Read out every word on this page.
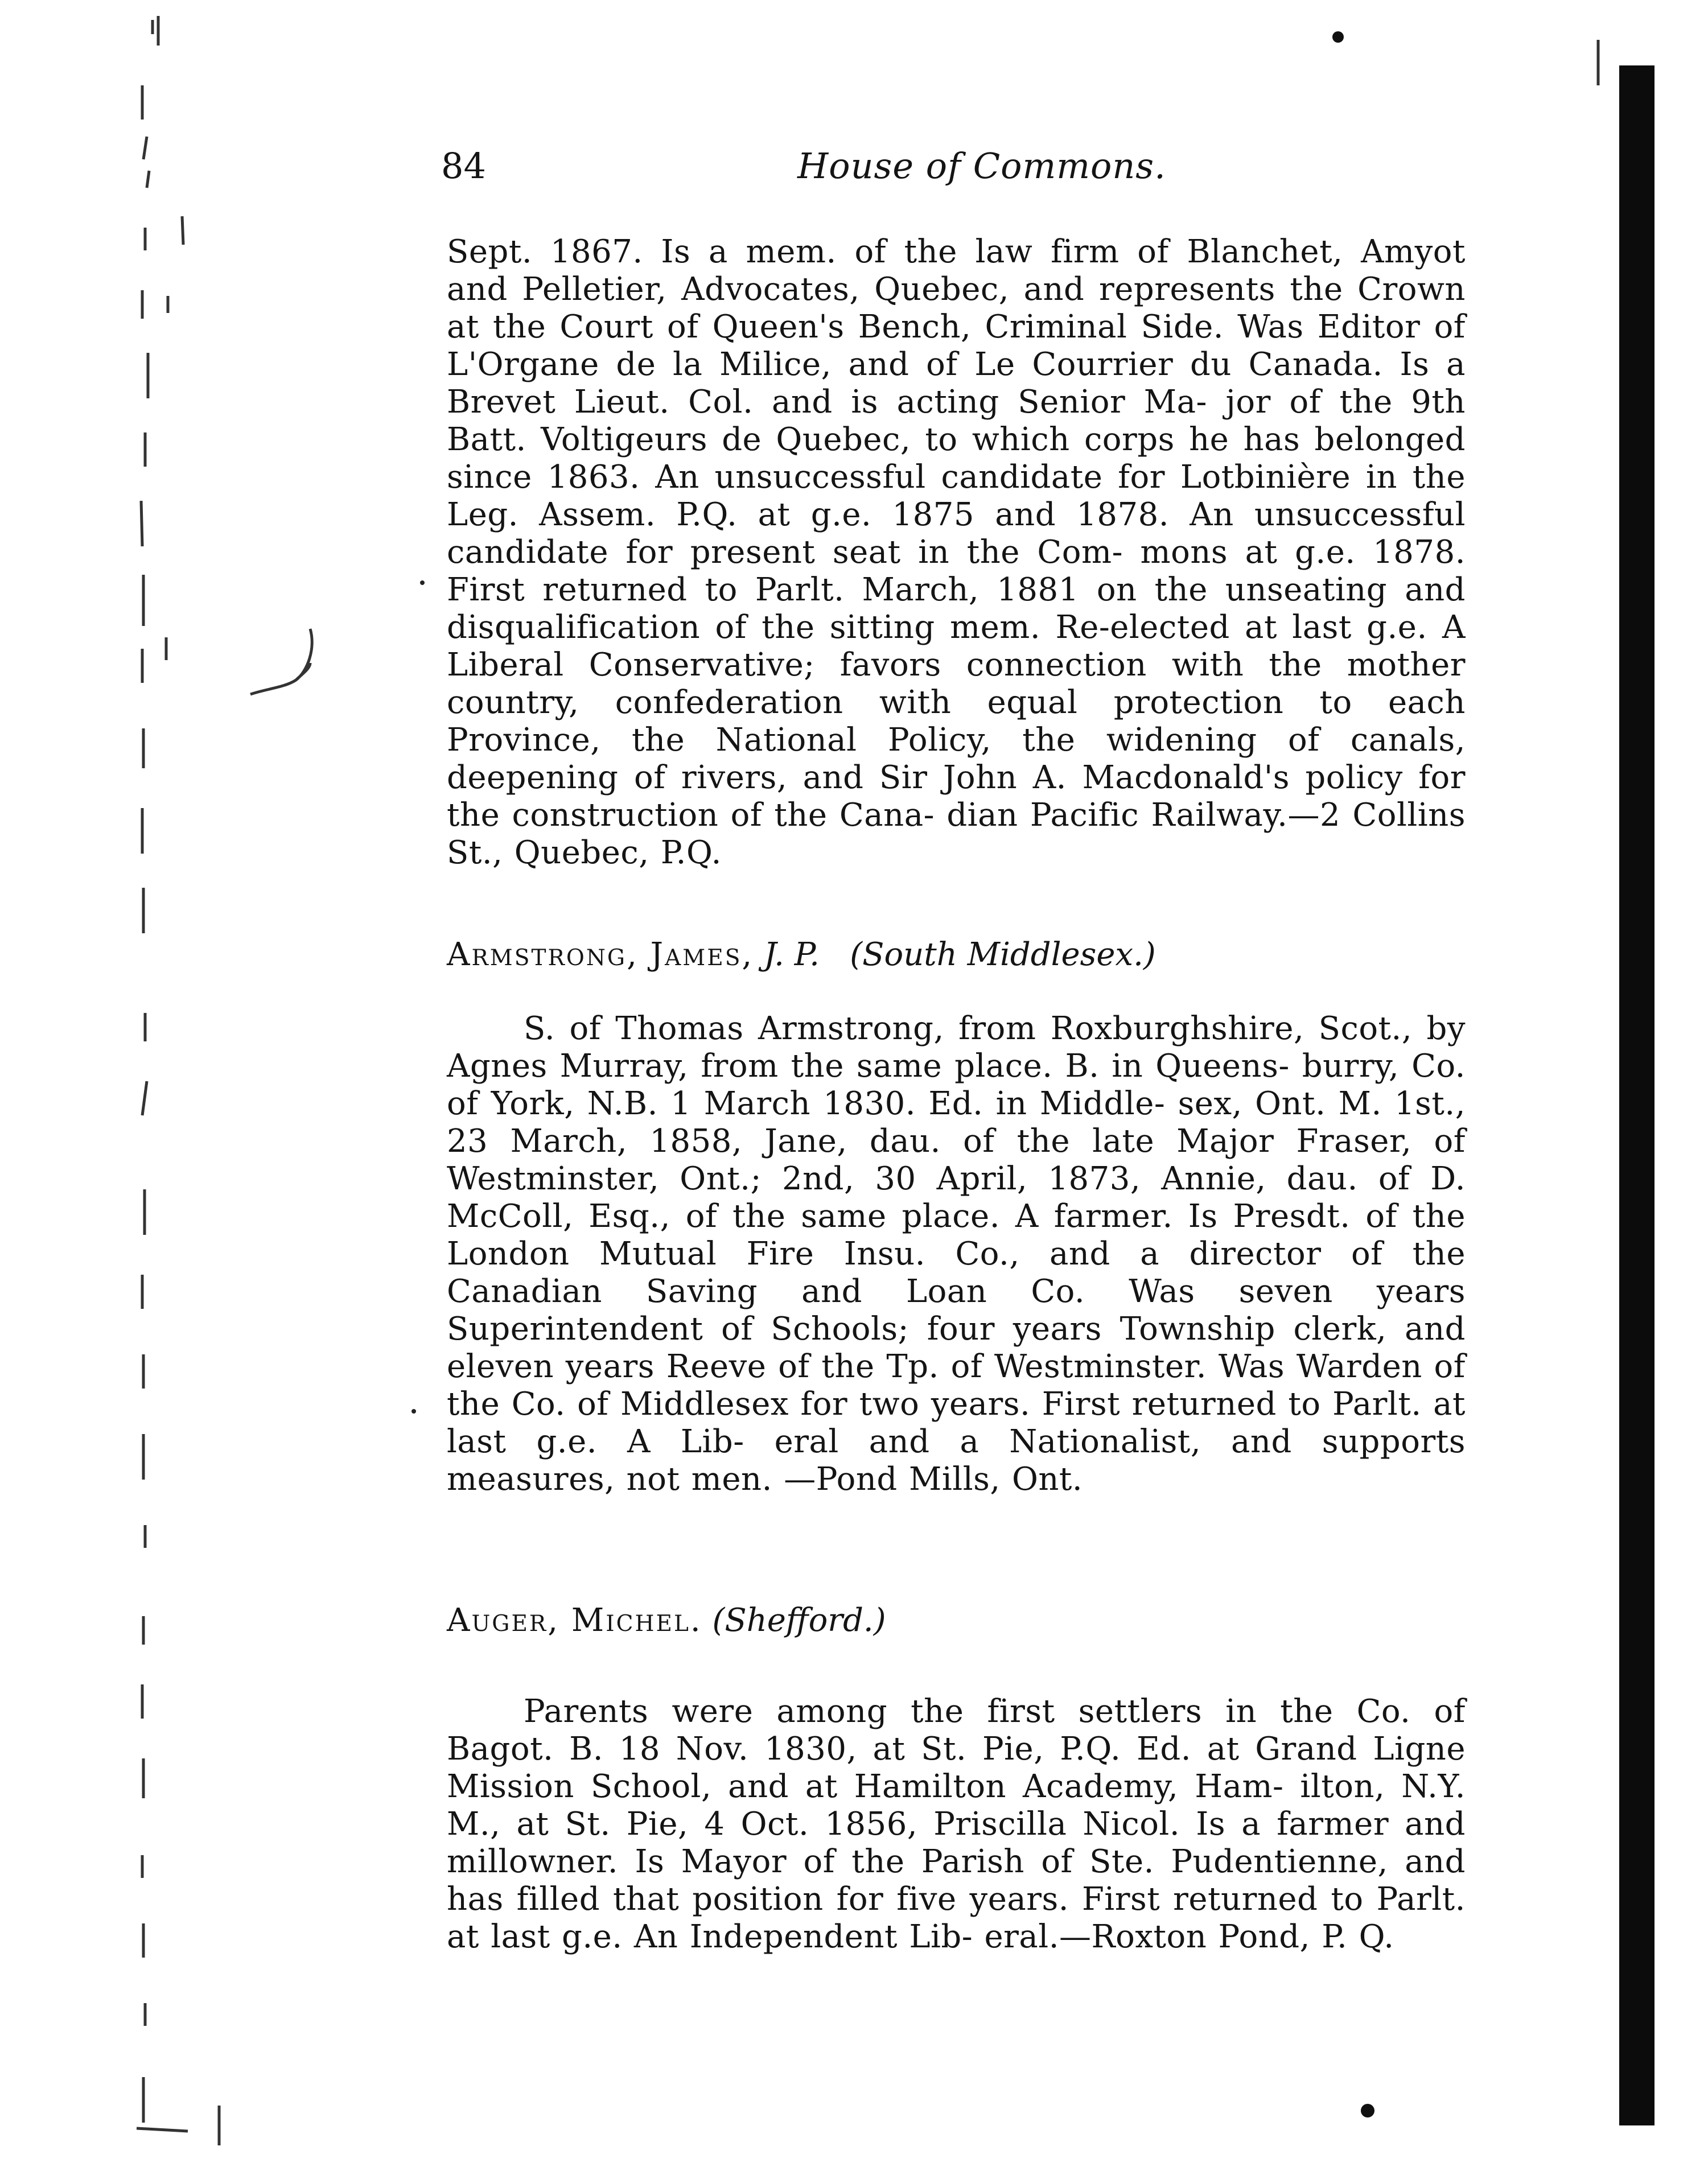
84	House of Commons.

Sept. 1867. Is a mem. of the law firm of Blanchet, Amyot and Pelletier, Advocates, Quebec, and represents the Crown at the Court of Queen's Bench, Criminal Side. Was Editor of L'Organe de la Milice, and of Le Courrier du Canada. Is a Brevet Lieut. Col. and is acting Senior Ma- jor of the 9th Batt. Voltigeurs de Quebec, to which corps he has belonged since 1863. An unsuccessful candidate for Lotbinière in the Leg. Assem. P.Q. at g.e. 1875 and 1878. An unsuccessful candidate for present seat in the Com- mons at g.e. 1878. First returned to Parlt. March, 1881 on the unseating and disqualification of the sitting mem. Re-elected at last g.e. A Liberal Conservative; favors connection with the mother country, confederation with equal protection to each Province, the National Policy, the widening of canals, deepening of rivers, and Sir John A. Macdonald's policy for the construction of the Cana- dian Pacific Railway.—2 Collins St., Quebec, P.Q.

Armstrong, James, J. P. (South Middlesex.)

S. of Thomas Armstrong, from Roxburghshire, Scot., by Agnes Murray, from the same place. B. in Queens- burry, Co. of York, N.B. 1 March 1830. Ed. in Middle- sex, Ont. M. 1st., 23 March, 1858, Jane, dau. of the late Major Fraser, of Westminster, Ont.; 2nd, 30 April, 1873, Annie, dau. of D. McColl, Esq., of the same place. A farmer. Is Presdt. of the London Mutual Fire Insu. Co., and a director of the Canadian Saving and Loan Co. Was seven years Superintendent of Schools; four years Township clerk, and eleven years Reeve of the Tp. of Westminster. Was Warden of the Co. of Middlesex for two years. First returned to Parlt. at last g.e. A Lib- eral and a Nationalist, and supports measures, not men. —Pond Mills, Ont.

Auger, Michel. (Shefford.)

Parents were among the first settlers in the Co. of Bagot. B. 18 Nov. 1830, at St. Pie, P.Q. Ed. at Grand Ligne Mission School, and at Hamilton Academy, Ham- ilton, N.Y. M., at St. Pie, 4 Oct. 1856, Priscilla Nicol. Is a farmer and millowner. Is Mayor of the Parish of Ste. Pudentienne, and has filled that position for five years. First returned to Parlt. at last g.e. An Independent Lib- eral.—Roxton Pond, P. Q.
